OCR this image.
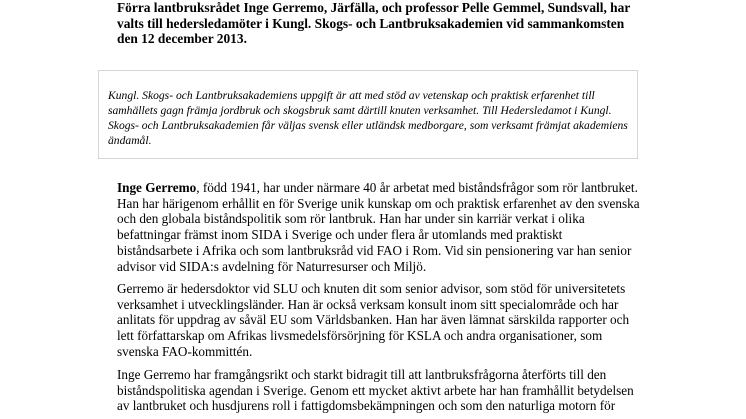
Förra lantbruksrådet Inge Gerremo, Järfälla, och professor Pelle Gemmel, Sundsvall, har valts till hedersledamöter i Kungl. Skogs- och Lantbruksakademien vid sammankomsten den 12 december 2013.

Kungl. Skogs- och Lantbruksakademiens uppgift är att med stöd av vetenskap och praktisk erfarenhet till samhällets gagn främja jordbruk och skogsbruk samt därtill knuten verksamhet. Till Hedersledamot i Kungl. Skogs- och Lantbruksakademien får väljas svensk eller utländsk medborgare, som verksamt främjat akademiens ändamål.

Inge Gerremo, född 1941, har under närmare 40 år arbetat med biståndsfrågor som rör lantbruket. Han har härigenom erhållit en för Sverige unik kunskap om och praktisk erfarenhet av den svenska och den globala biståndspolitik som rör lantbruk. Han har under sin karriär verkat i olika befattningar främst inom SIDA i Sverige och under flera år utomlands med praktiskt biståndsarbete i Afrika och som lantbruksråd vid FAO i Rom. Vid sin pensionering var han senior advisor vid SIDA:s avdelning för Naturresurser och Miljö.

Gerremo är hedersdoktor vid SLU och knuten dit som senior advisor, som stöd för universitetets verksamhet i utvecklingsländer. Han är också verksam konsult inom sitt specialområde och har anlitats för uppdrag av såväl EU som Världsbanken. Han har även lämnat särskilda rapporter och lett författarskap om Afrikas livsmedelsförsörjning för KSLA och andra organisationer, som svenska FAO-kommittén.

Inge Gerremo har framgångsrikt och starkt bidragit till att lantbruksfrågorna återförts till den biståndspolitiska agendan i Sverige. Genom ett mycket aktivt arbete har han framhållit betydelsen av lantbruket och husdjurens roll i fattigdomsbekämpningen och som den naturliga motorn för
